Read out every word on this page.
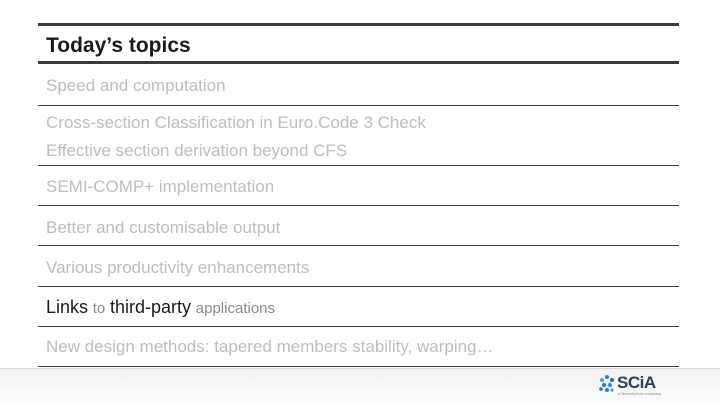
Today’s topics
Speed and computation
Cross-section Classification in Euro.Code 3 Check
Effective section derivation beyond CFS
SEMI-COMP+ implementation
Better and customisable output
Various productivity enhancements
Links to third-party applications
New design methods: tapered members stability, warping…
SCiA
a Nemetschek company
